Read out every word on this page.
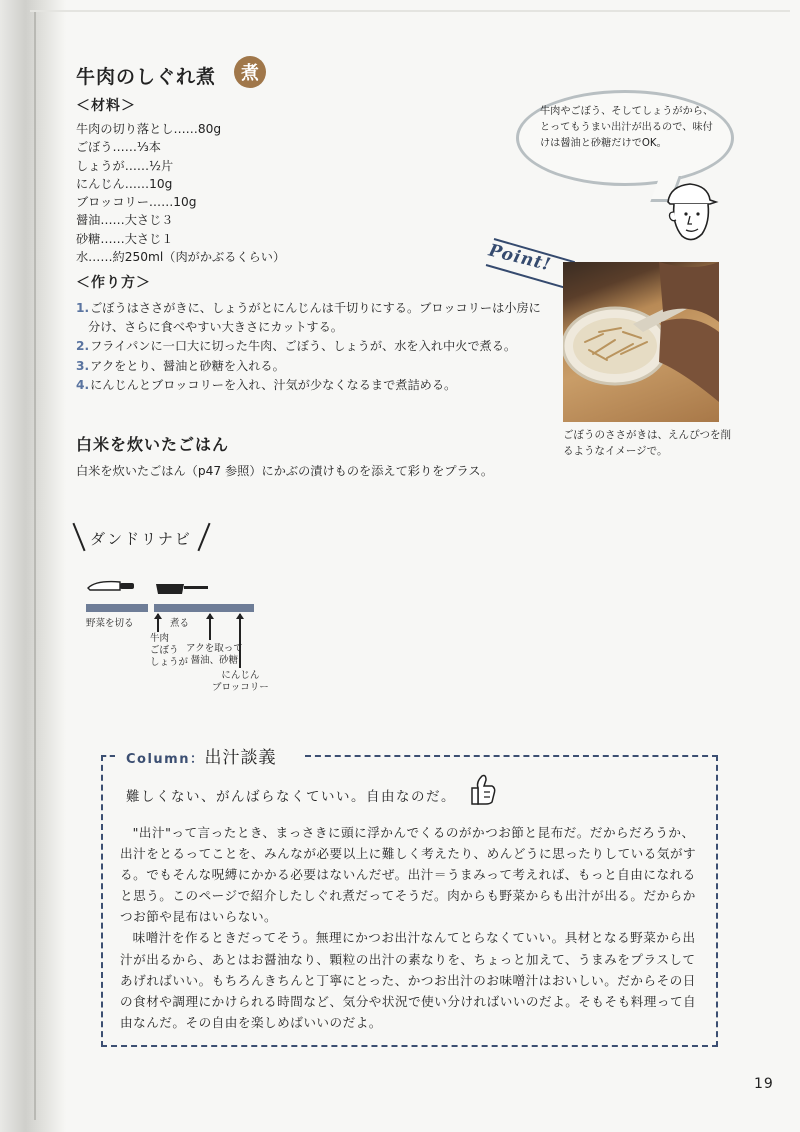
牛肉のしぐれ煮	煮
＜材料＞
牛肉の切り落とし……80g
ごぼう……⅓本
しょうが……½片
にんじん……10g
ブロッコリー……10g
醤油……大さじ３
砂糖……大さじ１
水……約250ml（肉がかぶるくらい）
＜作り方＞
1.ごぼうはささがきに、しょうがとにんじんは千切りにする。ブロッコリーは小房に分け、さらに食べやすい大きさにカットする。
2.フライパンに一口大に切った牛肉、ごぼう、しょうが、水を入れ中火で煮る。
3.アクをとり、醤油と砂糖を入れる。
4.にんじんとブロッコリーを入れ、汁気が少なくなるまで煮詰める。
牛肉やごぼう、そしてしょうがから、とってもうまい出汁が出るので、味付けは醤油と砂糖だけでOK。
Point!
ごぼうのささがきは、えんぴつを削るようなイメージで。
白米を炊いたごはん

白米を炊いたごはん（p47 参照）にかぶの漬けものを添えて彩りをプラス。

ダンドリナビ
野菜を切る	煮る
牛肉
ごぼう
しょうが
アクを取って
醤油、砂糖
にんじん
ブロッコリー
Column：出汁談義
難しくない、がんばらなくていい。自由なのだ。

"出汁"って言ったとき、まっさきに頭に浮かんでくるのがかつお節と昆布だ。だからだろうか、出汁をとるってことを、みんなが必要以上に難しく考えたり、めんどうに思ったりしている気がする。でもそんな呪縛にかかる必要はないんだぜ。出汁＝うまみって考えれば、もっと自由になれると思う。このページで紹介したしぐれ煮だってそうだ。肉からも野菜からも出汁が出る。だからかつお節や昆布はいらない。

味噌汁を作るときだってそう。無理にかつお出汁なんてとらなくていい。具材となる野菜から出汁が出るから、あとはお醤油なり、顆粒の出汁の素なりを、ちょっと加えて、うまみをプラスしてあげればいい。もちろんきちんと丁寧にとった、かつお出汁のお味噌汁はおいしい。だからその日の食材や調理にかけられる時間など、気分や状況で使い分ければいいのだよ。そもそも料理って自由なんだ。その自由を楽しめばいいのだよ。

19
